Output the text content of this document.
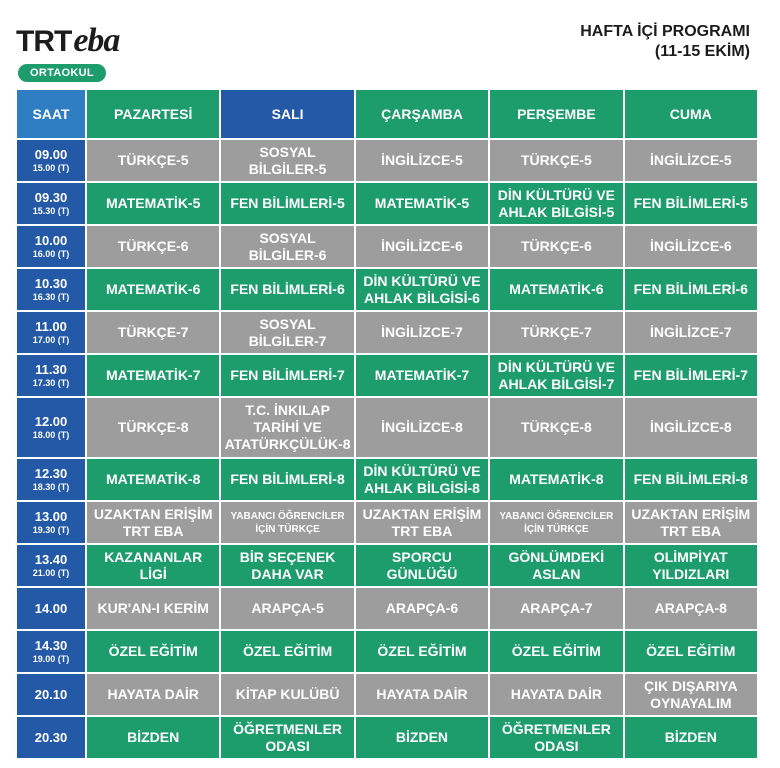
TRT eba
ORTAOKUL
HAFTA İÇİ PROGRAMI
(11-15 EKİM)
SAAT	PAZARTESİ	SALI	ÇARŞAMBA	PERŞEMBE	CUMA

09.00
15.00 (T)	TÜRKÇE-5	SOSYAL BİLGİLER-5	İNGİLİZCE-5	TÜRKÇE-5	İNGİLİZCE-5

09.30
15.30 (T)	MATEMATİK-5	FEN BİLİMLERİ-5	MATEMATİK-5	DİN KÜLTÜRÜ VE AHLAK BİLGİSİ-5	FEN BİLİMLERİ-5

10.00
16.00 (T)	TÜRKÇE-6	SOSYAL BİLGİLER-6	İNGİLİZCE-6	TÜRKÇE-6	İNGİLİZCE-6

10.30
16.30 (T)	MATEMATİK-6	FEN BİLİMLERİ-6	DİN KÜLTÜRÜ VE AHLAK BİLGİSİ-6	MATEMATİK-6	FEN BİLİMLERİ-6

11.00
17.00 (T)	TÜRKÇE-7	SOSYAL BİLGİLER-7	İNGİLİZCE-7	TÜRKÇE-7	İNGİLİZCE-7

11.30
17.30 (T)	MATEMATİK-7	FEN BİLİMLERİ-7	MATEMATİK-7	DİN KÜLTÜRÜ VE AHLAK BİLGİSİ-7	FEN BİLİMLERİ-7

12.00
18.00 (T)	TÜRKÇE-8	T.C. İNKILAP TARİHİ VE ATATÜRKÇÜLÜK-8	İNGİLİZCE-8	TÜRKÇE-8	İNGİLİZCE-8

12.30
18.30 (T)	MATEMATİK-8	FEN BİLİMLERİ-8	DİN KÜLTÜRÜ VE AHLAK BİLGİSİ-8	MATEMATİK-8	FEN BİLİMLERİ-8

13.00
19.30 (T)	UZAKTAN ERİŞİM TRT EBA	YABANCI ÖĞRENCİLER İÇİN TÜRKÇE	UZAKTAN ERİŞİM TRT EBA	YABANCI ÖĞRENCİLER İÇİN TÜRKÇE	UZAKTAN ERİŞİM TRT EBA

13.40
21.00 (T)	KAZANANLAR LİGİ	BİR SEÇENEK DAHA VAR	SPORCU GÜNLÜĞÜ	GÖNLÜMDEKİ ASLAN	OLİMPİYAT YILDIZLARI

14.00	KUR'AN-I KERİM	ARAPÇA-5	ARAPÇA-6	ARAPÇA-7	ARAPÇA-8

14.30
19.00 (T)	ÖZEL EĞİTİM	ÖZEL EĞİTİM	ÖZEL EĞİTİM	ÖZEL EĞİTİM	ÖZEL EĞİTİM

20.10	HAYATA DAİR	KİTAP KULÜBÜ	HAYATA DAİR	HAYATA DAİR	ÇIK DIŞARIYA OYNAYALIM

20.30	BİZDEN	ÖĞRETMENLER ODASI	BİZDEN	ÖĞRETMENLER ODASI	BİZDEN
